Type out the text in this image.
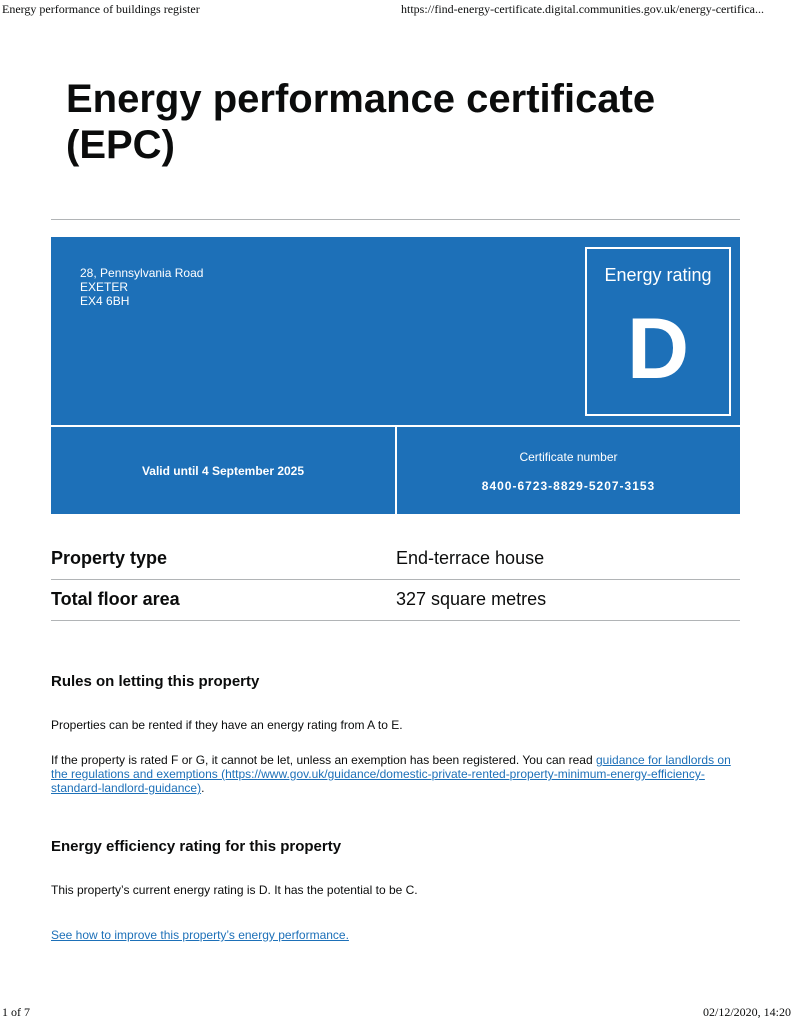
Energy performance of buildings register	https://find-energy-certificate.digital.communities.gov.uk/energy-certifica...
Energy performance certificate (EPC)
28, Pennsylvania Road
EXETER
EX4 6BH
Energy rating
D
Valid until 4 September 2025
Certificate number
8400-6723-8829-5207-3153
Property type	End-terrace house
Total floor area	327 square metres
Rules on letting this property

Properties can be rented if they have an energy rating from A to E.

If the property is rated F or G, it cannot be let, unless an exemption has been registered. You can read guidance for landlords on the regulations and exemptions (https://www.gov.uk/guidance/domestic-private-rented-property-minimum-energy-efficiency-standard-landlord-guidance).

Energy efficiency rating for this property

This property’s current energy rating is D. It has the potential to be C.

See how to improve this property’s energy performance.

1 of 7	02/12/2020, 14:20
